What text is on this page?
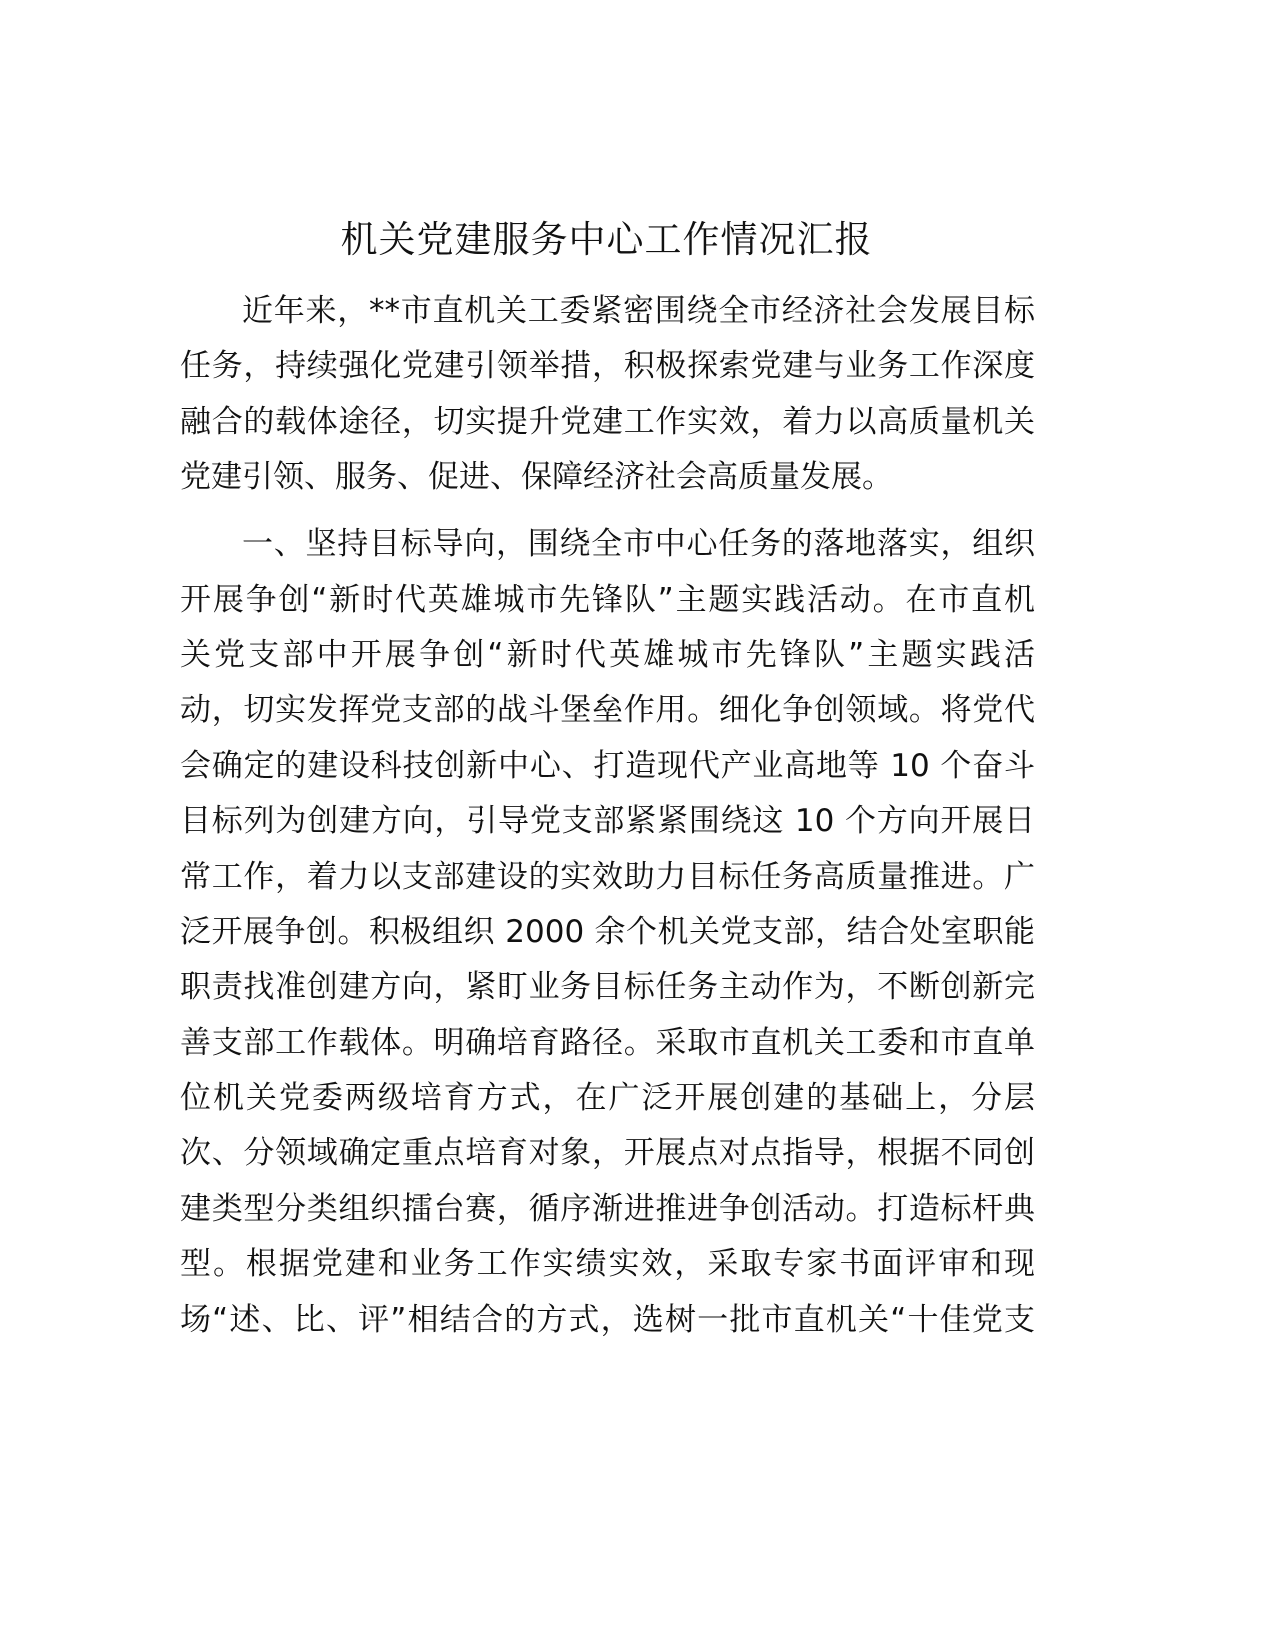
机关党建服务中心工作情况汇报
近年来，**市直机关工委紧密围绕全市经济社会发展目标
任务，持续强化党建引领举措，积极探索党建与业务工作深度
融合的载体途径，切实提升党建工作实效，着力以高质量机关
党建引领、服务、促进、保障经济社会高质量发展。
一、坚持目标导向，围绕全市中心任务的落地落实，组织
开展争创“新时代英雄城市先锋队”主题实践活动。在市直机
关党支部中开展争创“新时代英雄城市先锋队”主题实践活
动，切实发挥党支部的战斗堡垒作用。细化争创领域。将党代
会确定的建设科技创新中心、打造现代产业高地等 10 个奋斗
目标列为创建方向，引导党支部紧紧围绕这 10 个方向开展日
常工作，着力以支部建设的实效助力目标任务高质量推进。广
泛开展争创。积极组织 2000 余个机关党支部，结合处室职能
职责找准创建方向，紧盯业务目标任务主动作为，不断创新完
善支部工作载体。明确培育路径。采取市直机关工委和市直单
位机关党委两级培育方式，在广泛开展创建的基础上，分层
次、分领域确定重点培育对象，开展点对点指导，根据不同创
建类型分类组织擂台赛，循序渐进推进争创活动。打造标杆典
型。根据党建和业务工作实绩实效，采取专家书面评审和现
场“述、比、评”相结合的方式，选树一批市直机关“十佳党支
